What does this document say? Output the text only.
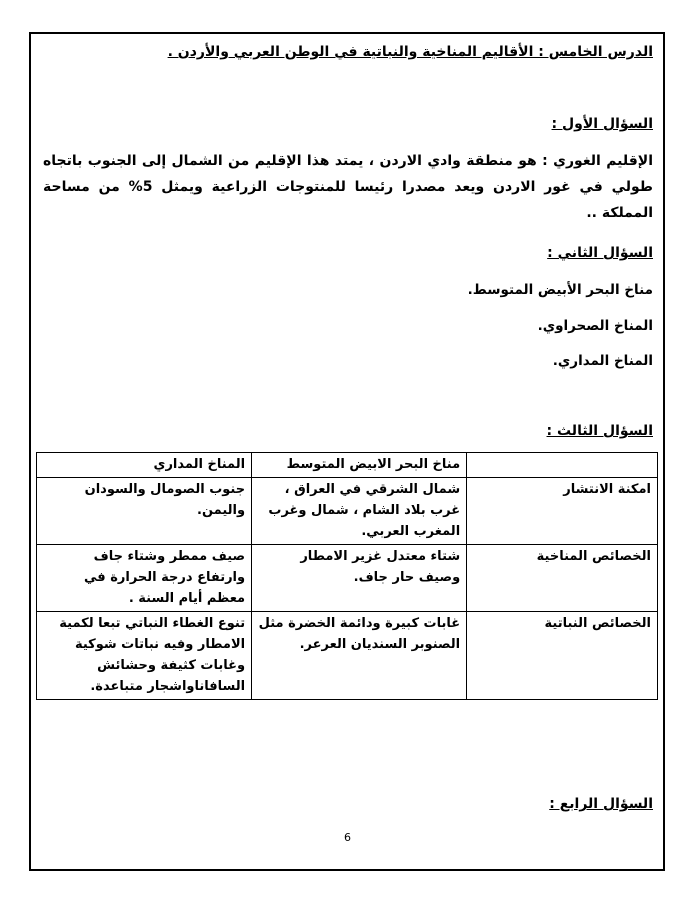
الدرس الخامس : الأقاليم المناخية والنباتية في الوطن العربي والأردن .
السؤال الأول :
الإقليم الغوري : هو منطقة وادي الاردن ، يمتد هذا الإقليم من الشمال إلى الجنوب باتجاه طولي في غور الاردن ويعد مصدرا رئيسا للمنتوجات الزراعية ويمثل 5% من مساحة المملكة ..
السؤال الثاني :
مناخ البحر الأبيض المتوسط.
المناخ الصحراوي.
المناخ المداري.
السؤال الثالث :
	مناخ البحر الابيض المتوسط	المناخ المداري
امكنة الانتشار	شمال الشرقي في العراق ، غرب بلاد الشام ، شمال وغرب المغرب العربي.	جنوب الصومال والسودان واليمن.
الخصائص المناخية	شتاء معتدل غزير الامطار وصيف حار جاف.	صيف ممطر وشتاء جاف وارتفاع درجة الحرارة في معظم أيام السنة .
الخصائص النباتية	غابات كبيرة ودائمة الخضرة مثل الصنوبر السنديان العرعر.	تنوع الغطاء النباتي تبعا لكمية الامطار وفيه نباتات شوكية وغابات كثيفة وحشائش السافاناواشجار متباعدة.
السؤال الرابع :
6
